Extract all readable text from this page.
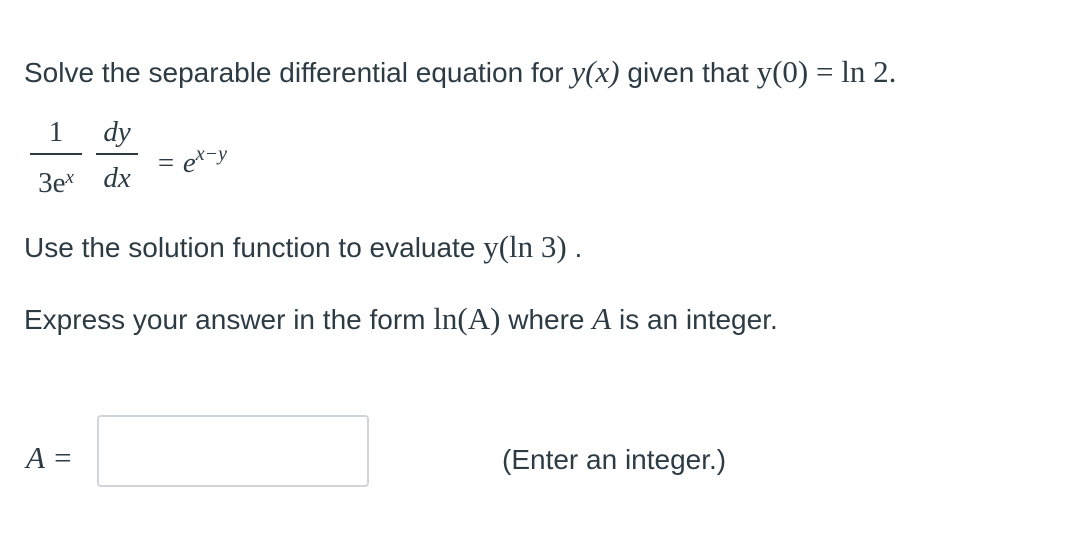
Solve the separable differential equation for y(x) given that y(0) = ln 2.
1
$3e^x$
dy
dx = $e^{x-y}$
Use the solution function to evaluate y(ln 3) .
Express your answer in the form ln(A) where A is an integer.
A =	(Enter an integer.)
